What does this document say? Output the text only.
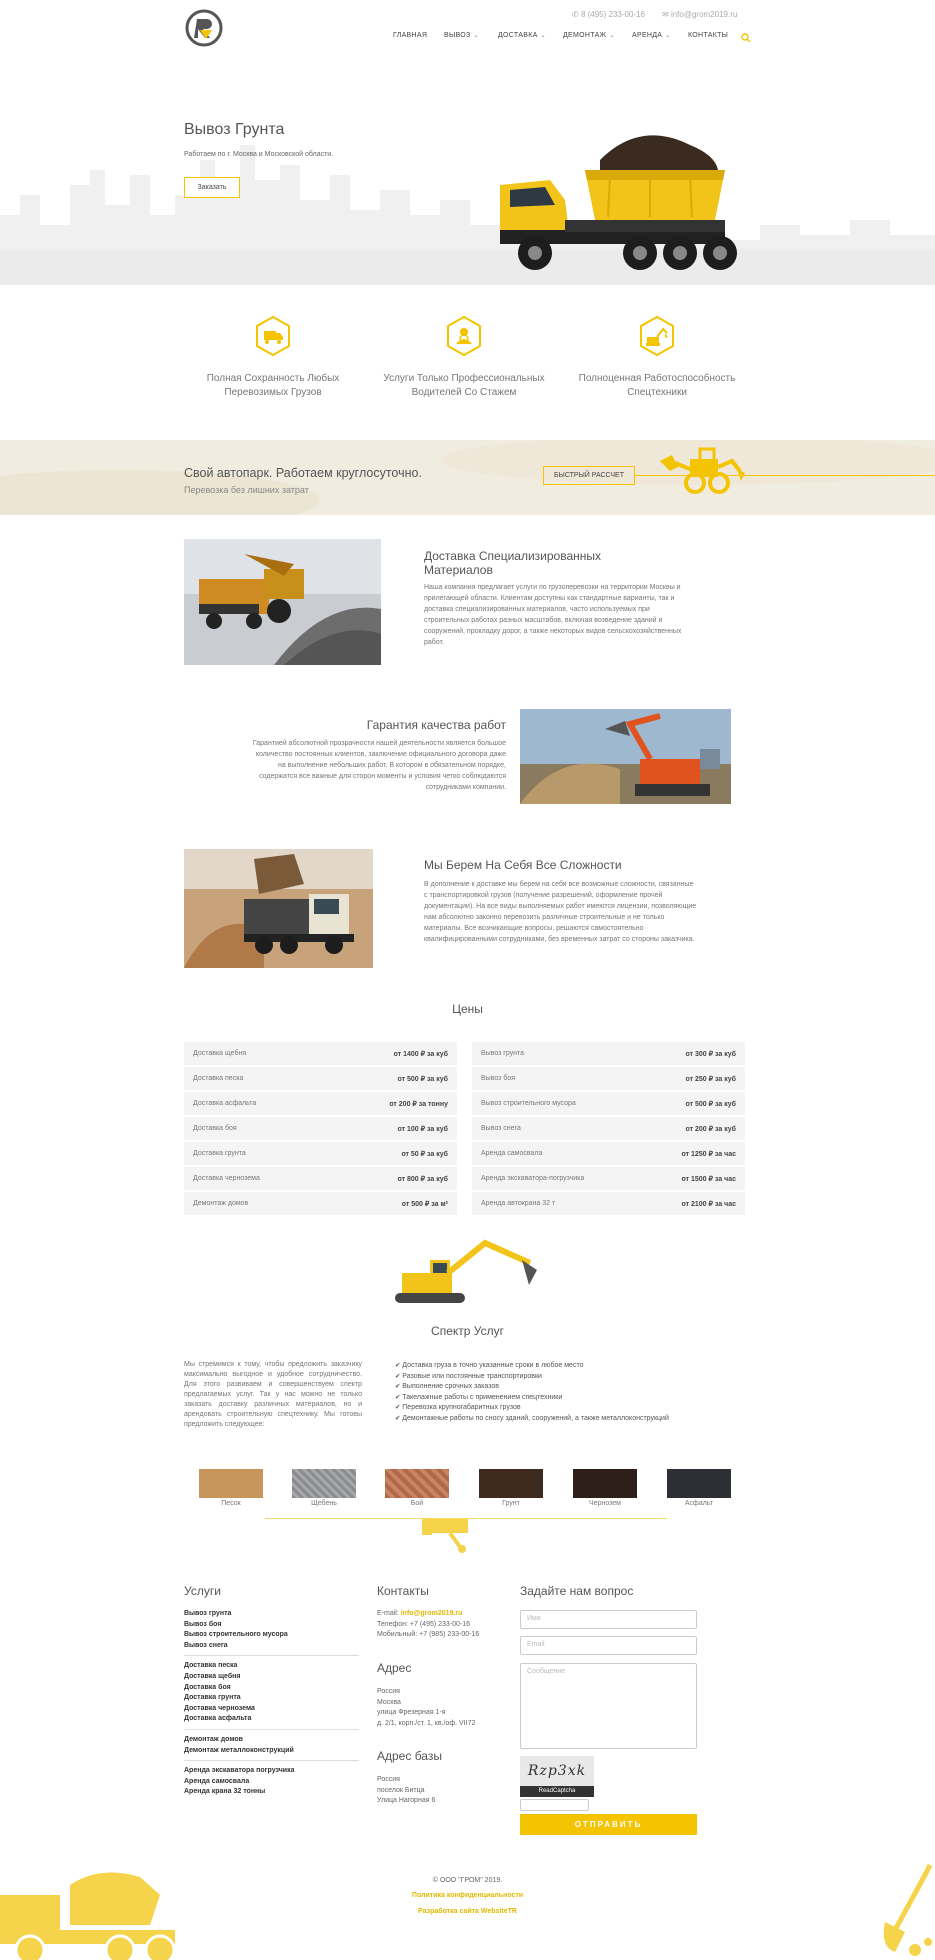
✆ 8 (495) 233-00-16 ✉ info@grom2019.ru
ГЛАВНАЯ ВЫВОЗ ⌄	ДОСТАВКА ⌄ ДЕМОНТАЖ ⌄ АРЕНДА ⌄ КОНТАКТЫ
Вывоз Грунта
Работаем по г. Москва и Московской области.
Заказать
Полная Сохранность Любых Перевозимых Грузов
Услуги Только Профессиональных Водителей Со Стажем
Полноценная Работоспособность Спецтехники
Свой автопарк. Работаем круглосуточно.
Перевозка без лишних затрат
БЫСТРЫЙ РАССЧЕТ
Доставка Специализированных Материалов
Наша компания предлагает услуги по грузоперевозки на территории Москвы и прилегающей области. Клиентам доступны как стандартные варианты, так и доставка специализированных материалов, часто используемых при строительных работах разных масштабов, включая возведение зданий и сооружений, прокладку дорог, а также некоторых видов сельскохозяйственных работ.
Гарантия качества работ
Гарантией абсолютной прозрачности нашей деятельности является большое количество постоянных клиентов, заключение официального договора даже на выполнение небольших работ. В котором в обязательном порядке, содержатся все важные для сторон моменты и условия четко соблюдаются сотрудниками компании.
Мы Берем На Себя Все Сложности
В дополнение к доставке мы берем на себя все возможные сложности, связанные с транспортировкой грузов (получение разрешений, оформление прочей документации). На все виды выполняемых работ имеются лицензии, позволяющие нам абсолютно законно перевозить различные строительные и не только материалы. Все возникающие вопросы, решаются самостоятельно квалифицированными сотрудниками, без временных затрат со стороны заказчика.
Цены
Доставка щебня	от 1400 ₽ за куб
Доставка песка	от 500 ₽ за куб
Доставка асфальта	от 200 ₽ за тонну
Доставка боя	от 100 ₽ за куб
Доставка грунта	от 50 ₽ за куб
Доставка чернозема	от 800 ₽ за куб
Демонтаж домов	от 500 ₽ за м²
Вывоз грунта	от 300 ₽ за куб
Вывоз боя	от 250 ₽ за куб
Вывоз строительного мусора	от 500 ₽ за куб
Вывоз снега	от 200 ₽ за куб
Аренда самосвала	от 1250 ₽ за час
Аренда экскаватора-погрузчика	от 1500 ₽ за час
Аренда автокрана 32 т	от 2100 ₽ за час
Спектр Услуг
Мы стремимся к тому, чтобы предложить заказчику максимально выгодное и удобное сотрудничество. Для этого развиваем и совершенствуем спектр предлагаемых услуг. Так у нас можно не только заказать доставку различных материалов, но и арендовать строительную спецтехнику. Мы готовы предложить следующее:
✔ Доставка груза в точно указанные сроки в любое место
✔ Разовые или постоянные транспортировки
✔ Выполнение срочных заказов
✔ Такелажные работы с применением спецтехники
✔ Перевозка крупногабаритных грузов
✔ Демонтажные работы по сносу зданий, сооружений, а также металлоконструкций
Песок	Щебень	Бой	Грунт	Чернозем	Асфальт
Услуги
Вывоз грунта
Вывоз боя
Вывоз строительного мусора
Вывоз снега
Доставка песка
Доставка щебня
Доставка боя
Доставка грунта
Доставка чернозема
Доставка асфальта
Демонтаж домов
Демонтаж металлоконструкций
Аренда экскаватора погрузчика
Аренда самосвала
Аренда крана 32 тонны
Контакты
E-mail: info@grom2019.ru
Телефон: +7 (495) 233-00-16
Мобильный: +7 (985) 233-00-16
Адрес
Россия
Москва
улица Фрезерная 1-я
д. 2/1, корп./ст. 1, кв./оф. VII72
Адрес базы
Россия
поселок Битца
Улица Нагорная 6
Задайте нам вопрос
Имя
Email
Сообщение
Rzp3xk
ReadCaptcha
ОТПРАВИТЬ
© ООО "ГРОМ" 2019.
Политика конфиденциальности
Разработка сайта WebsiteTR
